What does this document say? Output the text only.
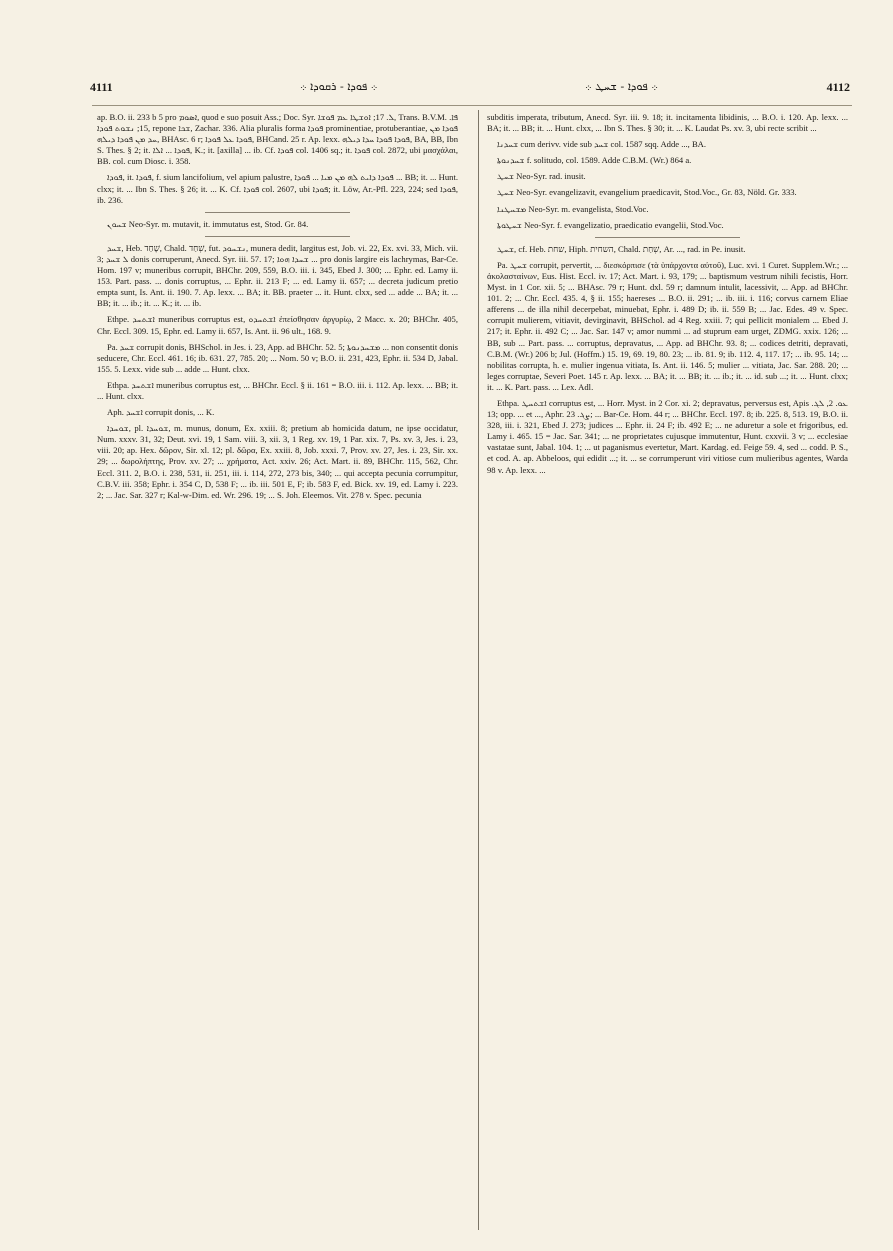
4111	܀ ܦܘܕܐ - ܪܩܘܕܐ ܀	܀ ܦܘܕܐ - ܫܚܛ ܀	4112

ap. B.O. ii. 233 b 5 pro ܐܣܘܡ, quod e suo posuit Ass.; Doc. Syr. ܠ. 17; ܐܘܫܛܐ ܥܡ ܦܘܫܐ, Trans. B.V.M. ܦܐ. 15; ܢܫܘܬ ܦܘܕܐ, repone ܫܟܐ, Zachar. 336. Alia pluralis forma ܦܘܕܐ prominentiae, protuberantiae, ܦܘܕܐ ܡܢ ܚܕ ܡܢ ܦܘܕܐ ܕܝܠܗ, BHAsc. 6 r; ܦܘܕܐ ܥܠ ܦܘܕܐ, BHCand. 25 r. Ap. lexx. ܦܘܕܐ ܦܘܕܐ ܚܕܐ ܕܝܠܗ, BA, BB, Ibn S. Thes. § 2; it. ܦܘܕܐ ... ܐܠܐ, K.; it. [axilla] ... ib. Cf. ܦܘܕܐ col. 1406 sq.; it. ܦܘܕܐ col. 2872, ubi μασχάλαι, BB. col. cum Diosc. i. 358.

ܦܘܕܐ, it. ܦܘܕܐ, f. sium lancifolium, vel apium palustre, ܦܘܕܐ ܕܐܝܬ ܠܗ ܡܢ ܡܝܐ ... ܦܘܕܐ ... BB; it. ... Hunt. clxx; it. ... Ibn S. Thes. § 26; it. ... K. Cf. ܦܘܕܐ col. 2607, ubi ܦܘܕܐ; it. Löw, Ar.-Pfl. 223, 224; sed ܦܘܕܐ, ib. 236.

ܫܚܘܢ Neo-Syr. m. mutavit, it. immutatus est, Stod. Gr. 84.

ܫܚܕ, Heb. שָׁחַד, Chald. שְׁחַד, fut. ܢܫܚܘܕ, munera dedit, largitus est, Job. vi. 22, Ex. xvi. 33, Mich. vii. 3; ܠ ܫܚܕ donis corruperunt, Anecd. Syr. iii. 57. 17; ܫܚܕܐ ܗܘܐ ... pro donis largire eis lachrymas, Bar-Ce. Hom. 197 v; muneribus corrupit, BHChr. 209, 559, B.O. iii. i. 345, Ebed J. 300; ... Ephr. ed. Lamy ii. 153. Part. pass. ... donis corruptus, ... Ephr. ii. 213 F; ... ed. Lamy ii. 657; ... decreta judicum pretio empta sunt, Is. Ant. ii. 190. 7. Ap. lexx. ... BA; it. BB. praeter ... it. Hunt. clxx, sed ... adde ... BA; it. ... BB; it. ... ib.; it. ... K.; it. ... ib.

Ethpe. ܐܫܬܚܕ muneribus corruptus est, ܐܫܬܚܕܘ ἐπείσθησαν ἀργυρίῳ, 2 Macc. x. 20; BHChr. 405, Chr. Eccl. 309. 15, Ephr. ed. Lamy ii. 657, Is. Ant. ii. 96 ult., 168. 9.

Pa. ܫܚܕ corrupit donis, BHSchol. in Jes. i. 23, App. ad BHChr. 52. 5; ܡܫܚܕܢܘܬܐ ... non consentit donis seducere, Chr. Eccl. 461. 16; ib. 631. 27, 785. 20; ... Nom. 50 v; B.O. ii. 231, 423, Ephr. ii. 534 D, Jabal. 155. 5. Lexx. vide sub ... adde ... Hunt. clxx.

Ethpa. ܐܫܬܚܕ muneribus corruptus est, ... BHChr. Eccl. § ii. 161 = B.O. iii. i. 112. Ap. lexx. ... BB; it. ... Hunt. clxx.

Aph. ܐܫܚܕ corrupit donis, ... K.

ܫܘܚܕܐ, pl. ܫܘܚܕܐ, m. munus, donum, Ex. xxiii. 8; pretium ab homicida datum, ne ipse occidatur, Num. xxxv. 31, 32; Deut. xvi. 19, 1 Sam. viii. 3, xii. 3, 1 Reg. xv. 19, 1 Par. xix. 7, Ps. xv. 3, Jes. i. 23, viii. 20; ap. Hex. δῶρον, Sir. xl. 12; pl. δῶρα, Ex. xxiii. 8, Job. xxxi. 7, Prov. xv. 27, Jes. i. 23, Sir. xx. 29; ... δωρολήπτης, Prov. xv. 27; ... χρήματα, Act. xxiv. 26; Act. Mart. ii. 89, BHChr. 115, 562, Chr. Eccl. 311. 2, B.O. i. 238, 531, ii. 251, iii. i. 114, 272, 273 bis, 340; ... qui accepta pecunia corrumpitur, C.B.V. iii. 358; Ephr. i. 354 C, D, 538 F; ... ib. iii. 501 E, F; ib. 583 F, ed. Bick. xv. 19, ed. Lamy i. 223. 2; ... Jac. Sar. 327 r; Kal-w-Dim. ed. Wr. 296. 19; ... S. Joh. Eleemos. Vit. 278 v. Spec. pecunia

subditis imperata, tributum, Anecd. Syr. iii. 9. 18; it. incitamenta libidinis, ... B.O. i. 120. Ap. lexx. ... BA; it. ... BB; it. ... Hunt. clxx, ... Ibn S. Thes. § 30; it. ... K. Laudat Ps. xv. 3, ubi recte scribit ...

ܫܚܕܢܐ cum derivv. vide sub ܫܚܕ col. 1587 sqq. Adde ..., BA.

ܫܚܕܢܘܬܐ f. solitudo, col. 1589. Adde C.B.M. (Wr.) 864 a.

ܫܚܛ Neo-Syr. rad. inusit.

ܫܚܛ Neo-Syr. evangelizavit, evangelium praedicavit, Stod.Voc., Gr. 83, Nöld. Gr. 333.

ܡܫܚܛܢܐ Neo-Syr. m. evangelista, Stod.Voc.

ܫܚܛܘܬܐ Neo-Syr. f. evangelizatio, praedicatio evangelii, Stod.Voc.

ܫܚܛ, cf. Heb. שחת, Hiph. השחית, Chald. שְׁחַת, Ar. ..., rad. in Pe. inusit.

Pa. ܫܚܛ corrupit, pervertit, ... διεσκόρπισε (τὰ ὑπάρχοντα αὐτοῦ), Luc. xvi. 1 Curet. Supplem.Wr.; ... ἀκολασταίνων, Eus. Hist. Eccl. iv. 17; Act. Mart. i. 93, 179; ... baptismum vestrum nihili fecistis, Horr. Myst. in 1 Cor. xii. 5; ... BHAsc. 79 r; Hunt. dxl. 59 r; damnum intulit, lacessivit, ... App. ad BHChr. 101. 2; ... Chr. Eccl. 435. 4, § ii. 155; haereses ... B.O. ii. 291; ... ib. iii. i. 116; corvus carnem Eliae afferens ... de illa nihil decerpebat, minuebat, Ephr. i. 489 D; ib. ii. 559 B; ... Jac. Edes. 49 v. Spec. corrupit mulierem, vitiavit, devirginavit, BHSchol. ad 4 Reg. xxiii. 7; qui pellicit monialem ... Ebed J. 217; it. Ephr. ii. 492 C; ... Jac. Sar. 147 v; amor nummi ... ad stuprum eam urget, ZDMG. xxix. 126; ... BB, sub ... Part. pass. ... corruptus, depravatus, ... App. ad BHChr. 93. 8; ... codices detriti, depravati, C.B.M. (Wr.) 206 b; Jul. (Hoffm.) 15. 19, 69. 19, 80. 23; ... ib. 81. 9; ib. 112. 4, 117. 17; ... ib. 95. 14; ... nobilitas corrupta, h. e. mulier ingenua vitiata, Is. Ant. ii. 146. 5; mulier ... vitiata, Jac. Sar. 288. 20; ... leges corruptae, Severi Poet. 145 r. Ap. lexx. ... BA; it. ... BB; it. ... ib.; it. ... id. sub ...; it. ... Hunt. clxx; it. ... K. Part. pass. ... Lex. Adl.

Ethpa. ܐܫܬܚܛ corruptus est, ... Horr. Myst. in 2 Cor. xi. 2; depravatus, perversus est, Apis ܥܘ. 2, ܠܓ. 13; opp. ... et ..., Aphr. ܨܓ. 23; ... Bar-Ce. Hom. 44 r; ... BHChr. Eccl. 197. 8; ib. 225. 8, 513. 19, B.O. ii. 328, iii. i. 321, Ebed J. 273; judices ... Ephr. ii. 24 F; ib. 492 E; ... ne aduretur a sole et frigoribus, ed. Lamy i. 465. 15 = Jac. Sar. 341; ... ne proprietates cujusque immutentur, Hunt. cxxvii. 3 v; ... ecclesiae vastatae sunt, Jabal. 104. 1; ... ut paganismus evertetur, Mart. Kardag. ed. Feige 59. 4, sed ... codd. P. S., et cod. A. ap. Abbeloos, qui edidit ...; it. ... se corrumperunt viri vitiose cum mulieribus agentes, Warda 98 v. Ap. lexx. ...
